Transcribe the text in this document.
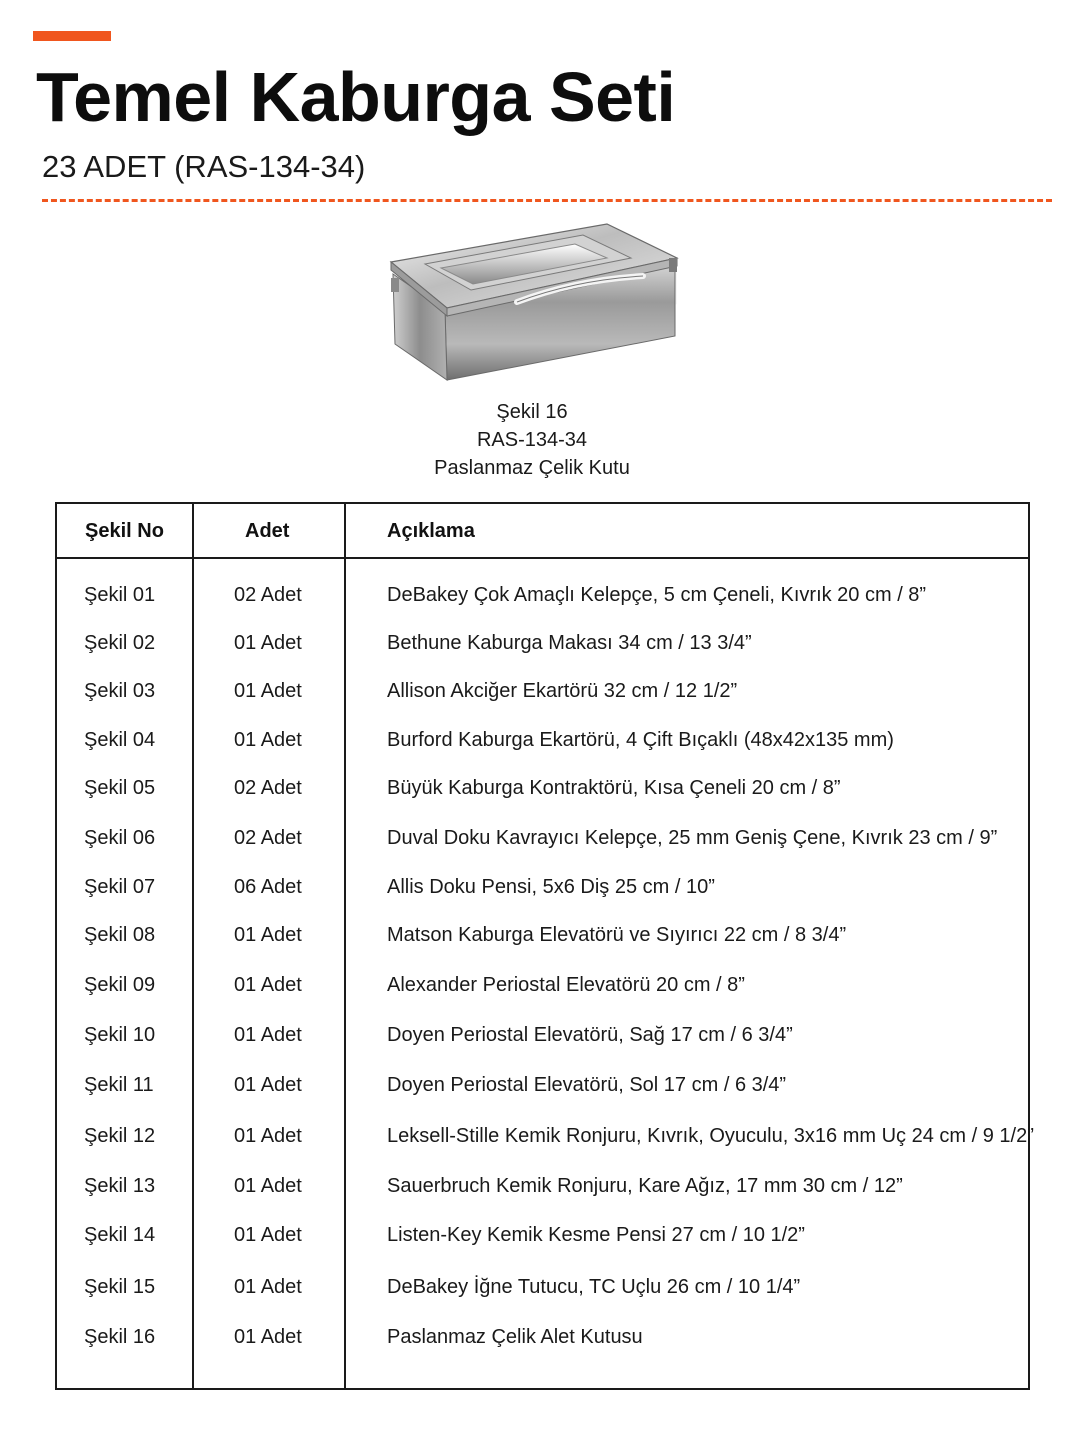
Temel Kaburga Seti
23 ADET (RAS-134-34)
Şekil 16
RAS-134-34
Paslanmaz Çelik Kutu
Şekil No	Adet	Açıklama
Şekil 01	02 Adet	DeBakey Çok Amaçlı Kelepçe, 5 cm Çeneli, Kıvrık 20 cm / 8”
Şekil 02	01 Adet	Bethune Kaburga Makası 34 cm / 13 3/4”
Şekil 03	01 Adet	Allison Akciğer Ekartörü 32 cm / 12 1/2”
Şekil 04	01 Adet	Burford Kaburga Ekartörü, 4 Çift Bıçaklı (48x42x135 mm)
Şekil 05	02 Adet	Büyük Kaburga Kontraktörü, Kısa Çeneli 20 cm / 8”
Şekil 06	02 Adet	Duval Doku Kavrayıcı Kelepçe, 25 mm Geniş Çene, Kıvrık 23 cm / 9”
Şekil 07	06 Adet	Allis Doku Pensi, 5x6 Diş 25 cm / 10”
Şekil 08	01 Adet	Matson Kaburga Elevatörü ve Sıyırıcı 22 cm / 8 3/4”
Şekil 09	01 Adet	Alexander Periostal Elevatörü 20 cm / 8”
Şekil 10	01 Adet	Doyen Periostal Elevatörü, Sağ 17 cm / 6 3/4”
Şekil 11	01 Adet	Doyen Periostal Elevatörü, Sol 17 cm / 6 3/4”
Şekil 12	01 Adet	Leksell-Stille Kemik Ronjuru, Kıvrık, Oyuculu, 3x16 mm Uç 24 cm / 9 1/2”
Şekil 13	01 Adet	Sauerbruch Kemik Ronjuru, Kare Ağız, 17 mm 30 cm / 12”
Şekil 14	01 Adet	Listen-Key Kemik Kesme Pensi 27 cm / 10 1/2”
Şekil 15	01 Adet	DeBakey İğne Tutucu, TC Uçlu 26 cm / 10 1/4”
Şekil 16	01 Adet	Paslanmaz Çelik Alet Kutusu
